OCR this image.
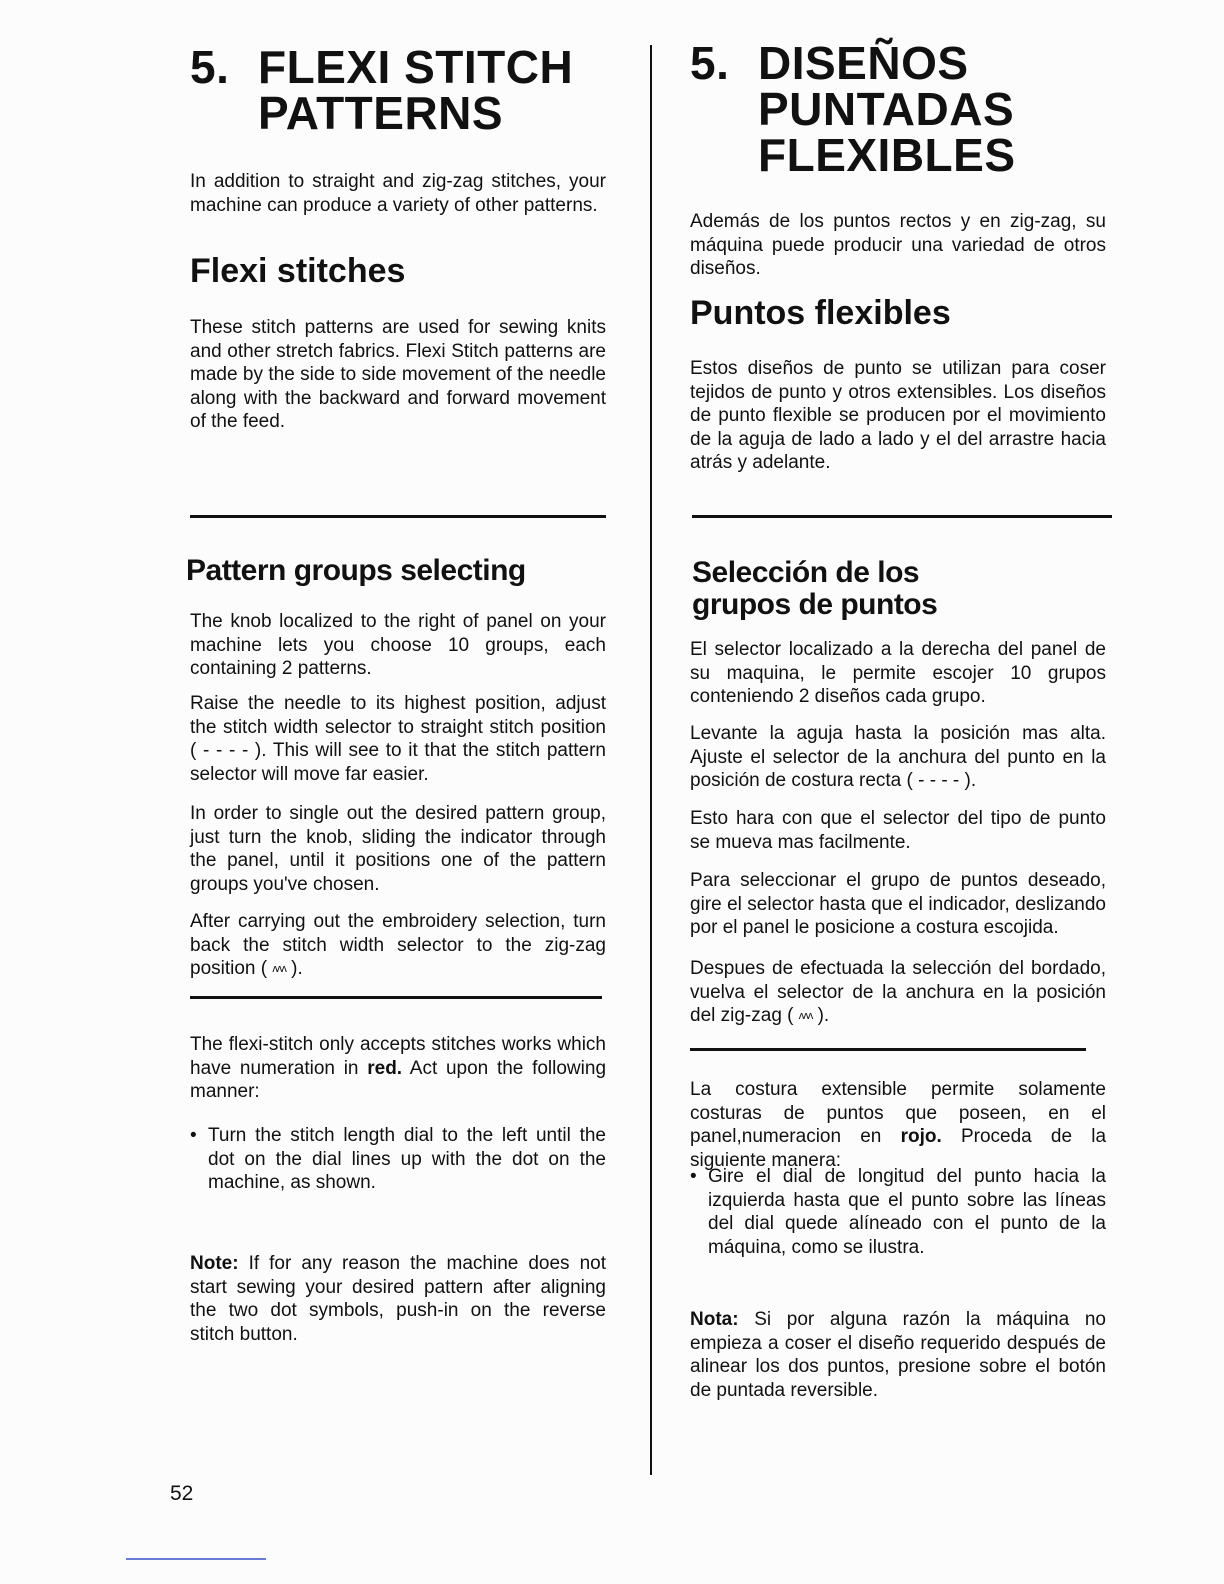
5. FLEXI STITCH
PATTERNS

In addition to straight and zig-zag stitches, your machine can produce a variety of other patterns.

Flexi stitches

These stitch patterns are used for sewing knits and other stretch fabrics. Flexi Stitch patterns are made by the side to side movement of the needle along with the backward and forward movement of the feed.

Pattern groups selecting

The knob localized to the right of panel on your machine lets you choose 10 groups, each containing 2 patterns.

Raise the needle to its highest position, adjust the stitch width selector to straight stitch position ( - - - - ). This will see to it that the stitch pattern selector will move far easier.

In order to single out the desired pattern group, just turn the knob, sliding the indicator through the panel, until it positions one of the pattern groups you've chosen.

After carrying out the embroidery selection, turn back the stitch width selector to the zig-zag position ( ʌʌʌ ).

The flexi-stitch only accepts stitches works which have numeration in red. Act upon the following manner:

• Turn the stitch length dial to the left until the dot on the dial lines up with the dot on the machine, as shown.

Note: If for any reason the machine does not start sewing your desired pattern after aligning the two dot symbols, push-in on the reverse stitch button.

5. DISEÑOS
PUNTADAS
FLEXIBLES

Además de los puntos rectos y en zig-zag, su máquina puede producir una variedad de otros diseños.

Puntos flexibles

Estos diseños de punto se utilizan para coser tejidos de punto y otros extensibles. Los diseños de punto flexible se producen por el movimiento de la aguja de lado a lado y el del arrastre hacia atrás y adelante.

Selección de los
grupos de puntos

El selector localizado a la derecha del panel de su maquina, le permite escojer 10 grupos conteniendo 2 diseños cada grupo.

Levante la aguja hasta la posición mas alta. Ajuste el selector de la anchura del punto en la posición de costura recta ( - - - - ).

Esto hara con que el selector del tipo de punto se mueva mas facilmente.

Para seleccionar el grupo de puntos deseado, gire el selector hasta que el indicador, deslizando por el panel le posicione a costura escojida.

Despues de efectuada la selección del bordado, vuelva el selector de la anchura en la posición del zig-zag ( ʌʌʌ ).

La costura extensible permite solamente costuras de puntos que poseen, en el panel,numeracion en rojo. Proceda de la siguiente manera:

• Gire el dial de longitud del punto hacia la izquierda hasta que el punto sobre las líneas del dial quede alíneado con el punto de la máquina, como se ilustra.

Nota: Si por alguna razón la máquina no empieza a coser el diseño requerido después de alinear los dos puntos, presione sobre el botón de puntada reversible.

52
